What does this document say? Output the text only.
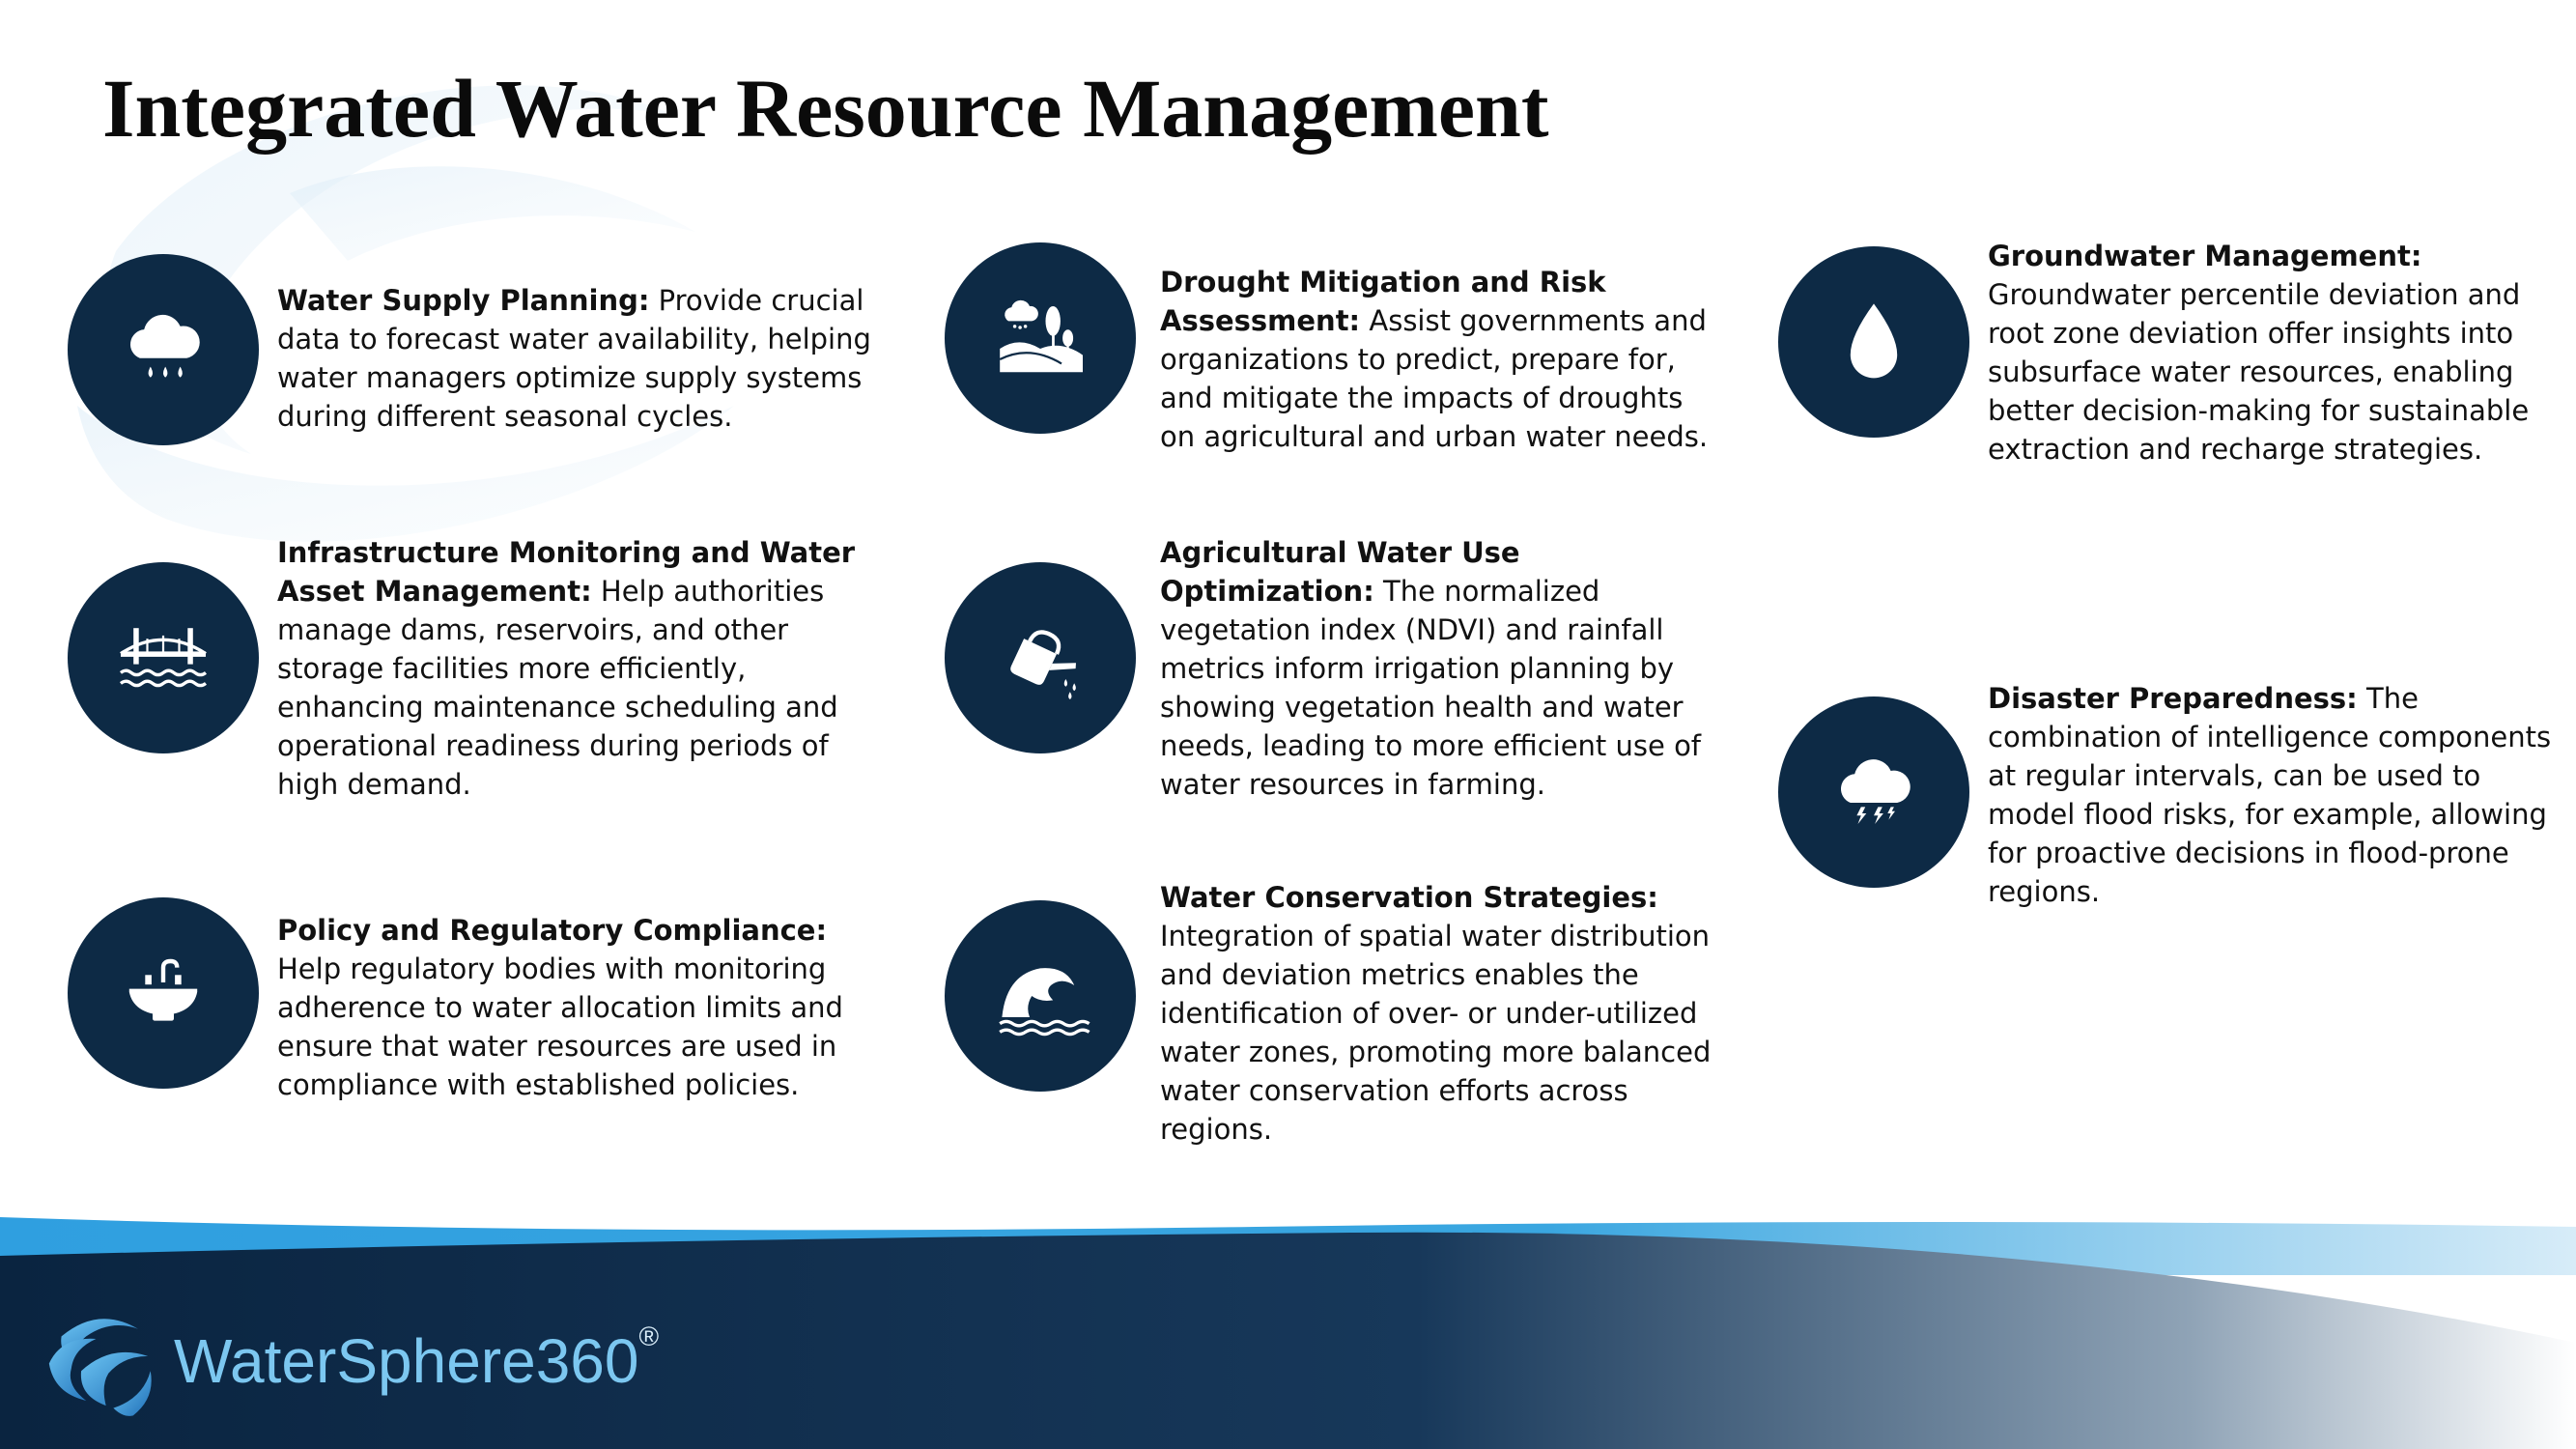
Integrated Water Resource Management
Water Supply Planning: Provide crucial data to forecast water availability, helping water managers optimize supply systems during different seasonal cycles.
Infrastructure Monitoring and Water Asset Management: Help authorities manage dams, reservoirs, and other storage facilities more efficiently, enhancing maintenance scheduling and operational readiness during periods of high demand.
Policy and Regulatory Compliance: Help regulatory bodies with monitoring adherence to water allocation limits and ensure that water resources are used in compliance with established policies.
Drought Mitigation and Risk Assessment: Assist governments and organizations to predict, prepare for, and mitigate the impacts of droughts on agricultural and urban water needs.
Agricultural Water Use Optimization: The normalized vegetation index (NDVI) and rainfall metrics inform irrigation planning by showing vegetation health and water needs, leading to more efficient use of water resources in farming.
Water Conservation Strategies: Integration of spatial water distribution and deviation metrics enables the identification of over- or under-utilized water zones, promoting more balanced water conservation efforts across regions.
Groundwater Management: Groundwater percentile deviation and root zone deviation offer insights into subsurface water resources, enabling better decision-making for sustainable extraction and recharge strategies.
Disaster Preparedness: The combination of intelligence components at regular intervals, can be used to model flood risks, for example, allowing for proactive decisions in flood-prone regions.
WaterSphere360®
